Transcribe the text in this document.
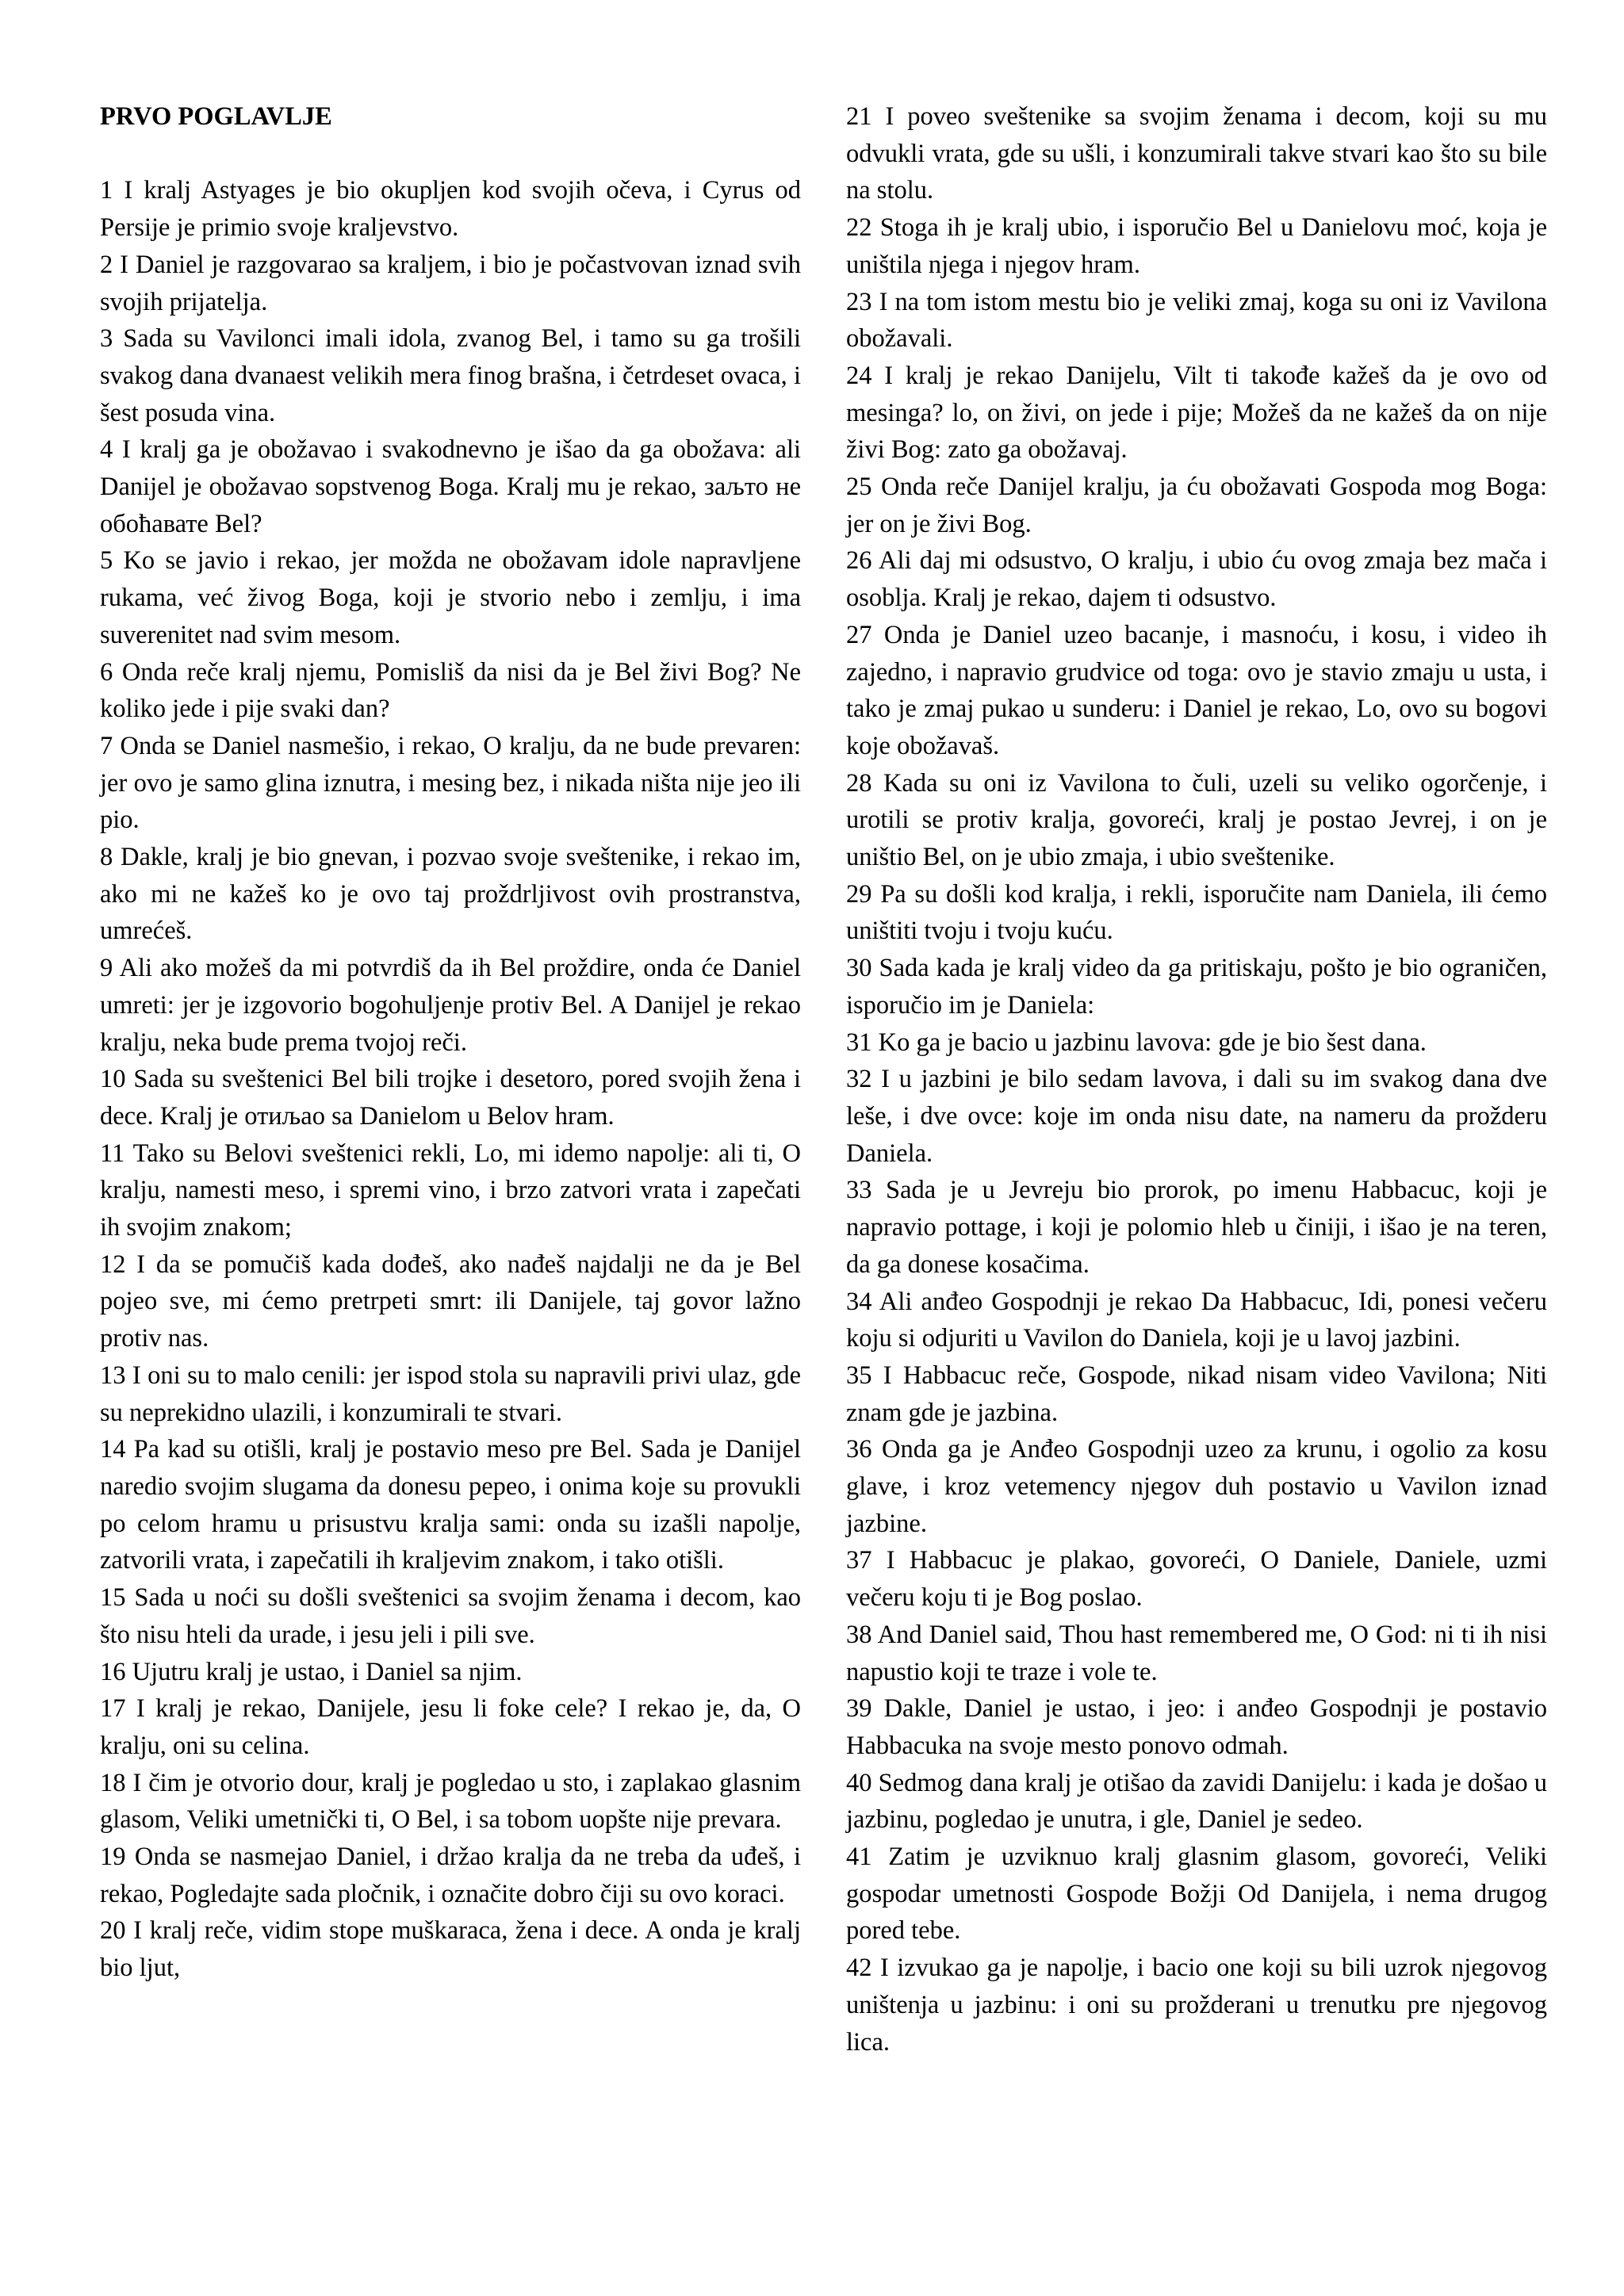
PRVO POGLAVLJE
1 I kralj Astyages je bio okupljen kod svojih očeva, i Cyrus od Persije je primio svoje kraljevstvo.
2 I Daniel je razgovarao sa kraljem, i bio je počastvovan iznad svih svojih prijatelja.
3 Sada su Vavilonci imali idola, zvanog Bel, i tamo su ga trošili svakog dana dvanaest velikih mera finog brašna, i četrdeset ovaca, i šest posuda vina.
4 I kralj ga je obožavao i svakodnevno je išao da ga obožava: ali Danijel je obožavao sopstvenog Boga. Kralj mu je rekao, заљто не обоћавате Bel?
5 Ko se javio i rekao, jer možda ne obožavam idole napravljene rukama, već živog Boga, koji je stvorio nebo i zemlju, i ima suverenitet nad svim mesom.
6 Onda reče kralj njemu, Pomisliš da nisi da je Bel živi Bog? Ne koliko jede i pije svaki dan?
7 Onda se Daniel nasmešio, i rekao, O kralju, da ne bude prevaren: jer ovo je samo glina iznutra, i mesing bez, i nikada ništa nije jeo ili pio.
8 Dakle, kralj je bio gnevan, i pozvao svoje sveštenike, i rekao im, ako mi ne kažeš ko je ovo taj proždrljivost ovih prostranstva, umrećeš.
9 Ali ako možeš da mi potvrdiš da ih Bel proždire, onda će Daniel umreti: jer je izgovorio bogohuljenje protiv Bel. A Danijel je rekao kralju, neka bude prema tvojoj reči.
10 Sada su sveštenici Bel bili trojke i desetoro, pored svojih žena i dece. Kralj je отиљао sa Danielom u Belov hram.
11 Tako su Belovi sveštenici rekli, Lo, mi idemo napolje: ali ti, O kralju, namesti meso, i spremi vino, i brzo zatvori vrata i zapečati ih svojim znakom;
12 I da se pomučiš kada dođeš, ako nađeš najdalji ne da je Bel pojeo sve, mi ćemo pretrpeti smrt: ili Danijele, taj govor lažno protiv nas.
13 I oni su to malo cenili: jer ispod stola su napravili privi ulaz, gde su neprekidno ulazili, i konzumirali te stvari.
14 Pa kad su otišli, kralj je postavio meso pre Bel. Sada je Danijel naredio svojim slugama da donesu pepeo, i onima koje su provukli po celom hramu u prisustvu kralja sami: onda su izašli napolje, zatvorili vrata, i zapečatili ih kraljevim znakom, i tako otišli.
15 Sada u noći su došli sveštenici sa svojim ženama i decom, kao što nisu hteli da urade, i jesu jeli i pili sve.
16 Ujutru kralj je ustao, i Daniel sa njim.
17 I kralj je rekao, Danijele, jesu li foke cele? I rekao je, da, O kralju, oni su celina.
18 I čim je otvorio dour, kralj je pogledao u sto, i zaplakao glasnim glasom, Veliki umetnički ti, O Bel, i sa tobom uopšte nije prevara.
19 Onda se nasmejao Daniel, i držao kralja da ne treba da uđeš, i rekao, Pogledajte sada pločnik, i označite dobro čiji su ovo koraci.
20 I kralj reče, vidim stope muškaraca, žena i dece. A onda je kralj bio ljut,
21 I poveo sveštenike sa svojim ženama i decom, koji su mu odvukli vrata, gde su ušli, i konzumirali takve stvari kao što su bile na stolu.
22 Stoga ih je kralj ubio, i isporučio Bel u Danielovu moć, koja je uništila njega i njegov hram.
23 I na tom istom mestu bio je veliki zmaj, koga su oni iz Vavilona obožavali.
24 I kralj je rekao Danijelu, Vilt ti takođe kažeš da je ovo od mesinga? lo, on živi, on jede i pije; Možeš da ne kažeš da on nije živi Bog: zato ga obožavaj.
25 Onda reče Danijel kralju, ja ću obožavati Gospoda mog Boga: jer on je živi Bog.
26 Ali daj mi odsustvo, O kralju, i ubio ću ovog zmaja bez mača i osoblja. Kralj je rekao, dajem ti odsustvo.
27 Onda je Daniel uzeo bacanje, i masnoću, i kosu, i video ih zajedno, i napravio grudvice od toga: ovo je stavio zmaju u usta, i tako je zmaj pukao u sunderu: i Daniel je rekao, Lo, ovo su bogovi koje obožavaš.
28 Kada su oni iz Vavilona to čuli, uzeli su veliko ogorčenje, i urotili se protiv kralja, govoreći, kralj je postao Jevrej, i on je uništio Bel, on je ubio zmaja, i ubio sveštenike.
29 Pa su došli kod kralja, i rekli, isporučite nam Daniela, ili ćemo uništiti tvoju i tvoju kuću.
30 Sada kada je kralj video da ga pritiskaju, pošto je bio ograničen, isporučio im je Daniela:
31 Ko ga je bacio u jazbinu lavova: gde je bio šest dana.
32 I u jazbini je bilo sedam lavova, i dali su im svakog dana dve leše, i dve ovce: koje im onda nisu date, na nameru da prožderu Daniela.
33 Sada je u Jevreju bio prorok, po imenu Habbacuc, koji je napravio pottage, i koji je polomio hleb u činiji, i išao je na teren, da ga donese kosačima.
34 Ali anđeo Gospodnji je rekao Da Habbacuc, Idi, ponesi večeru koju si odjuriti u Vavilon do Daniela, koji je u lavoj jazbini.
35 I Habbacuc reče, Gospode, nikad nisam video Vavilona; Niti znam gde je jazbina.
36 Onda ga je Anđeo Gospodnji uzeo za krunu, i ogolio za kosu glave, i kroz vetemency njegov duh postavio u Vavilon iznad jazbine.
37 I Habbacuc je plakao, govoreći, O Daniele, Daniele, uzmi večeru koju ti je Bog poslao.
38 And Daniel said, Thou hast remembered me, O God: ni ti ih nisi napustio koji te traze i vole te.
39 Dakle, Daniel je ustao, i jeo: i anđeo Gospodnji je postavio Habbacuka na svoje mesto ponovo odmah.
40 Sedmog dana kralj je otišao da zavidi Danijelu: i kada je došao u jazbinu, pogledao je unutra, i gle, Daniel je sedeo.
41 Zatim je uzviknuo kralj glasnim glasom, govoreći, Veliki gospodar umetnosti Gospode Božji Od Danijela, i nema drugog pored tebe.
42 I izvukao ga je napolje, i bacio one koji su bili uzrok njegovog uništenja u jazbinu: i oni su prožderani u trenutku pre njegovog lica.
